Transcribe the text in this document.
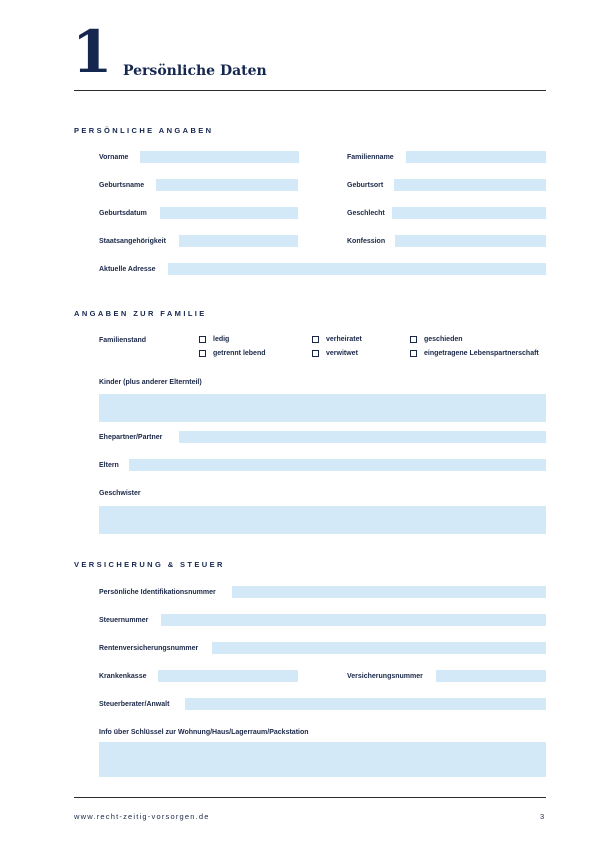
1 Persönliche Daten
PERSÖNLICHE ANGABEN
Vorname	Familienname
Geburtsname	Geburtsort
Geburtsdatum	Geschlecht
Staatsangehörigkeit	Konfession
Aktuelle Adresse
ANGABEN ZUR FAMILIE
Familienstand	ledig	verheiratet	geschieden
getrennt lebend	verwitwet	eingetragene Lebenspartnerschaft
Kinder (plus anderer Elternteil)
Ehepartner/Partner
Eltern
Geschwister
VERSICHERUNG & STEUER
Persönliche Identifikationsnummer
Steuernummer
Rentenversicherungsnummer
Krankenkasse	Versicherungsnummer
Steuerberater/Anwalt
Info über Schlüssel zur Wohnung/Haus/Lagerraum/Packstation
www.recht-zeitig-vorsorgen.de	3
